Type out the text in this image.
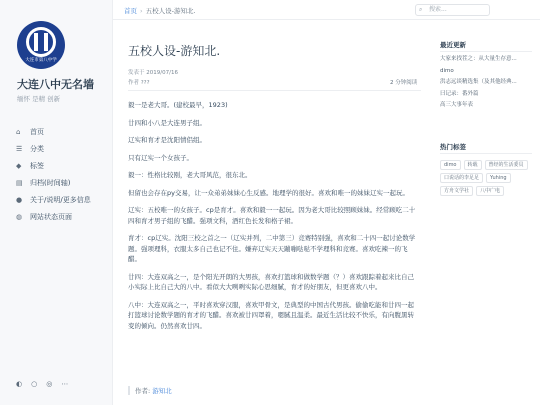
大连市第八中学
大连八中无名墙
缅怀 是精 创新
⌂	首页
☰	分类
◆	标签
▤	归档(时间轴)
●	关于/说明/更多信息
◍	网站状态页面
◐ ○ ◎ ⋯
首页 › 五校人设-游知北.	⌕ 搜索...
五校人设-游知北.
发表于 2019/07/16
作者 ???	2 分钟阅读

毅一是老大哥。(建校最早，1923)

廿四和小八是大连男子组。

辽实和育才是沈阳情侣组。

只有辽实一个女孩子。

毅一：性格比较刚，老大哥风范，很东北。

但留也会存在py交易，让一众弟弟妹妹心生反感。地理学的很好。喜欢和唯一的妹妹辽实一起玩。

辽实：五校唯一的女孩子。cp是育才。喜欢和毅一一起玩。因为老大哥比较照顾妹妹。经常顾吃二十四和育才男子组的飞醋。强项文科，酒红色长发和格子裙。

育才：cp辽实。沈阳三校之首之一（辽实并列，二中第三）竞赛特别强，喜欢和二十四一起讨论数学题。强项理科，衣服太多自己也记不住。嫌弃辽实天天蹦嘣哒哒不学理科和竞赛。喜欢吃辣一的飞醋。

廿四：大连双高之一，是个阳光开朗的大男孩，喜欢打篮球和做数学题（？）喜欢跟踪着起来比自己小实际上比自己大的八中。看似大大咧咧实际心思细腻，育才的好朋友，但更喜欢八中。

八中：大连双高之一，平时喜欢穿汉服，喜欢甲骨文，是典型的中国古代男孩。偷偷吃能和廿四一起打篮球讨论数学题的育才的飞醋。喜欢被廿四罩着，嗯腻且温柔。最近生活比较不快乐，有向腹黑转变的倾向。仍然喜欢廿四。

作者: 游知北
最近更新
大家来找茬之：从大量生存意...
dimo
洪志远谈精选集（及其他经典...
曰记录：番外篇
高三大事年表
热门标签
dimo	转载	曾经的生活委员
口说话的李足足	Yuhing
方舟文学社	八中广电
